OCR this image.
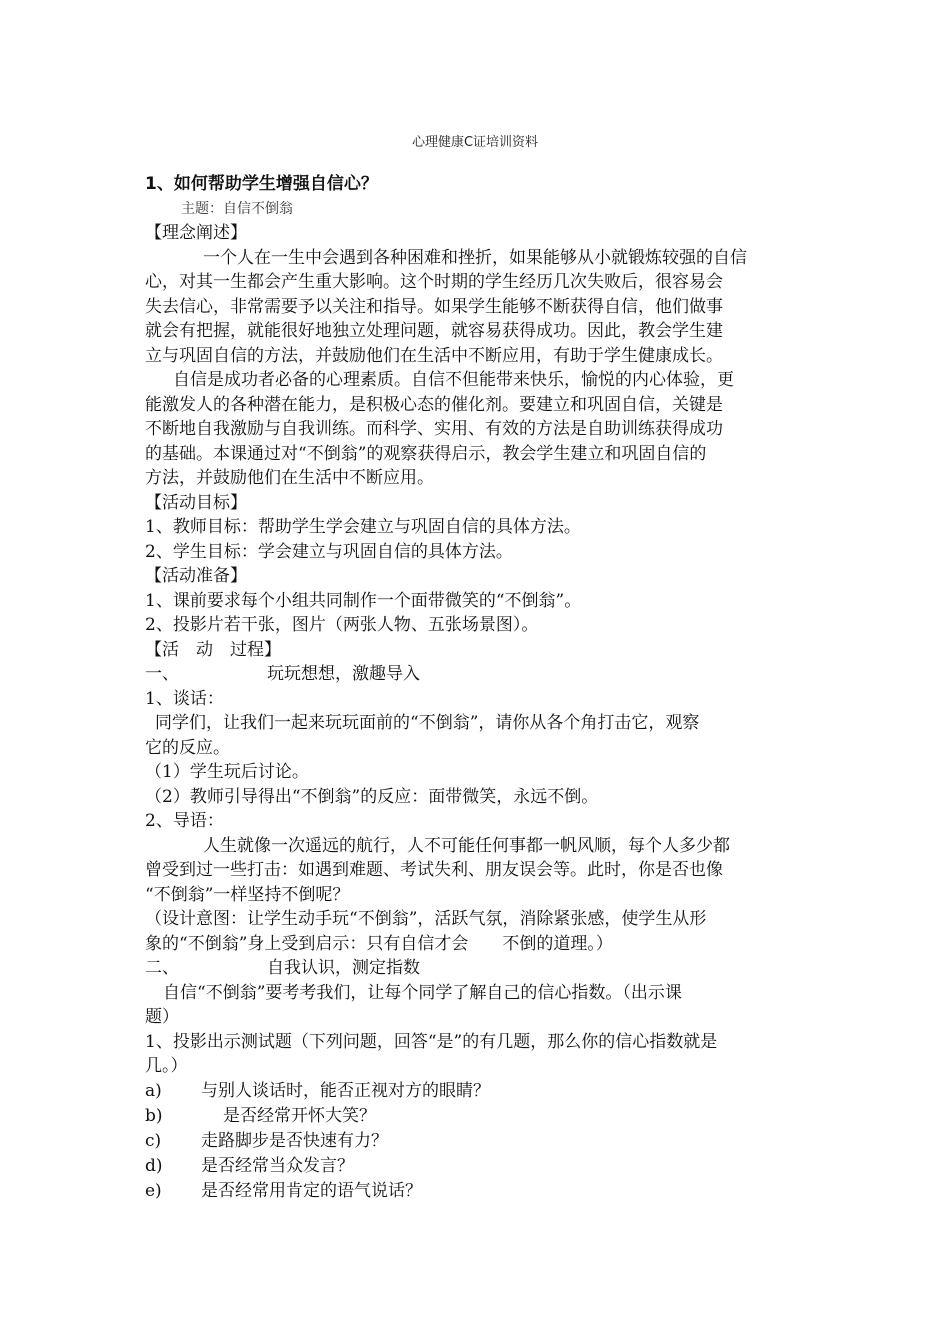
心理健康C证培训资料

1、如何帮助学生增强自信心？

主题：自信不倒翁

【理念阐述】

一个人在一生中会遇到各种困难和挫折，如果能够从小就锻炼较强的自信

心，对其一生都会产生重大影响。这个时期的学生经历几次失败后，很容易会

失去信心，非常需要予以关注和指导。如果学生能够不断获得自信，他们做事

就会有把握，就能很好地独立处理问题，就容易获得成功。因此，教会学生建

立与巩固自信的方法，并鼓励他们在生活中不断应用，有助于学生健康成长。

自信是成功者必备的心理素质。自信不但能带来快乐，愉悦的内心体验，更

能激发人的各种潜在能力，是积极心态的催化剂。要建立和巩固自信，关键是

不断地自我激励与自我训练。而科学、实用、有效的方法是自助训练获得成功

的基础。本课通过对“不倒翁”的观察获得启示，教会学生建立和巩固自信的

方法，并鼓励他们在生活中不断应用。

【活动目标】

1、教师目标：帮助学生学会建立与巩固自信的具体方法。

2、学生目标：学会建立与巩固自信的具体方法。

【活动准备】

1、课前要求每个小组共同制作一个面带微笑的“不倒翁”。

2、投影片若干张，图片（两张人物、五张场景图）。

【活　动　过程】

一、	玩玩想想，激趣导入

1、谈话：

同学们，让我们一起来玩玩面前的“不倒翁”，请你从各个角打击它，观察

它的反应。

（1）学生玩后讨论。

（2）教师引导得出“不倒翁”的反应：面带微笑，永远不倒。

2、导语：

人生就像一次遥远的航行，人不可能任何事都一帆风顺，每个人多少都

曾受到过一些打击：如遇到难题、考试失利、朋友误会等。此时，你是否也像

“不倒翁”一样坚持不倒呢？

（设计意图：让学生动手玩“不倒翁”，活跃气氛，消除紧张感，使学生从形

象的“不倒翁”身上受到启示：只有自信才会　　不倒的道理。）

二、	自我认识，测定指数

自信“不倒翁”要考考我们，让每个同学了解自己的信心指数。（出示课

题）

1、投影出示测试题（下列问题，回答“是”的有几题，那么你的信心指数就是

几。）

a) 与别人谈话时，能否正视对方的眼睛？

b)	是否经常开怀大笑？

c) 走路脚步是否快速有力？

d) 是否经常当众发言？

e) 是否经常用肯定的语气说话？
